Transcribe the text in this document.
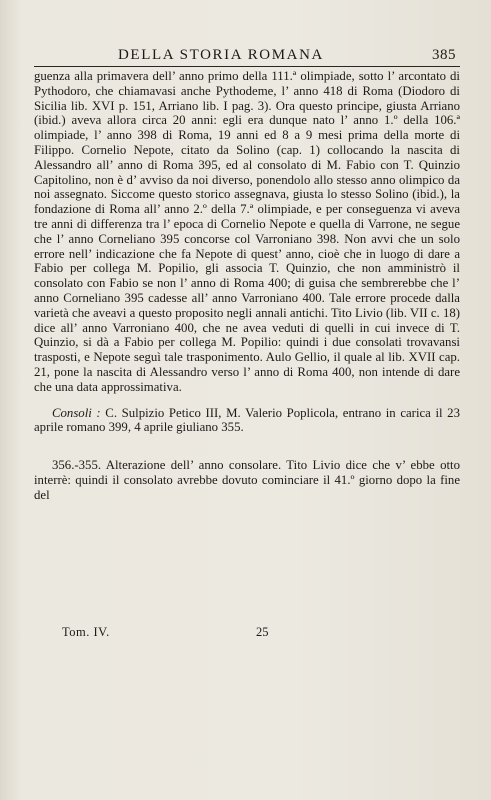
DELLA STORIA ROMANA	385

guenza alla primavera dell’ anno primo della 111.ª olimpiade, sotto l’ arcontato di Pythodoro, che chiamavasi anche Pythodeme, l’ anno 418 di Roma (Diodoro di Sicilia lib. XVI p. 151, Arriano lib. I pag. 3). Ora questo principe, giusta Arriano (ibid.) aveva allora circa 20 anni: egli era dunque nato l’ anno 1.º della 106.ª olimpiade, l’ anno 398 di Roma, 19 anni ed 8 a 9 mesi prima della morte di Filippo. Cornelio Nepote, citato da Solino (cap. 1) collocando la nascita di Alessandro all’ anno di Roma 395, ed al consolato di M. Fabio con T. Quinzio Capitolino, non è d’ avviso da noi diverso, ponendolo allo stesso anno olimpico da noi assegnato. Siccome questo storico assegnava, giusta lo stesso Solino (ibid.), la fondazione di Roma all’ anno 2.º della 7.ª olimpiade, e per conseguenza vi aveva tre anni di differenza tra l’ epoca di Cornelio Nepote e quella di Varrone, ne segue che l’ anno Corneliano 395 concorse col Varroniano 398. Non avvi che un solo errore nell’ indicazione che fa Nepote di quest’ anno, cioè che in luogo di dare a Fabio per collega M. Popilio, gli associa T. Quinzio, che non amministrò il consolato con Fabio se non l’ anno di Roma 400; di guisa che sembrerebbe che l’ anno Corneliano 395 cadesse all’ anno Varroniano 400. Tale errore procede dalla varietà che aveavi a questo proposito negli annali antichi. Tito Livio (lib. VII c. 18) dice all’ anno Varroniano 400, che ne avea veduti di quelli in cui invece di T. Quinzio, si dà a Fabio per collega M. Popilio: quindi i due consolati trovavansi trasposti, e Nepote seguì tale trasponimento. Aulo Gellio, il quale al lib. XVII cap. 21, pone la nascita di Alessandro verso l’ anno di Roma 400, non intende di dare che una data approssimativa.

Consoli : C. Sulpizio Petico III, M. Valerio Poplicola, entrano in carica il 23 aprile romano 399, 4 aprile giuliano 355.

356.-355. Alterazione dell’ anno consolare. Tito Livio dice che v’ ebbe otto interrè: quindi il consolato avrebbe dovuto cominciare il 41.º giorno dopo la fine del

Tom. IV.	25
